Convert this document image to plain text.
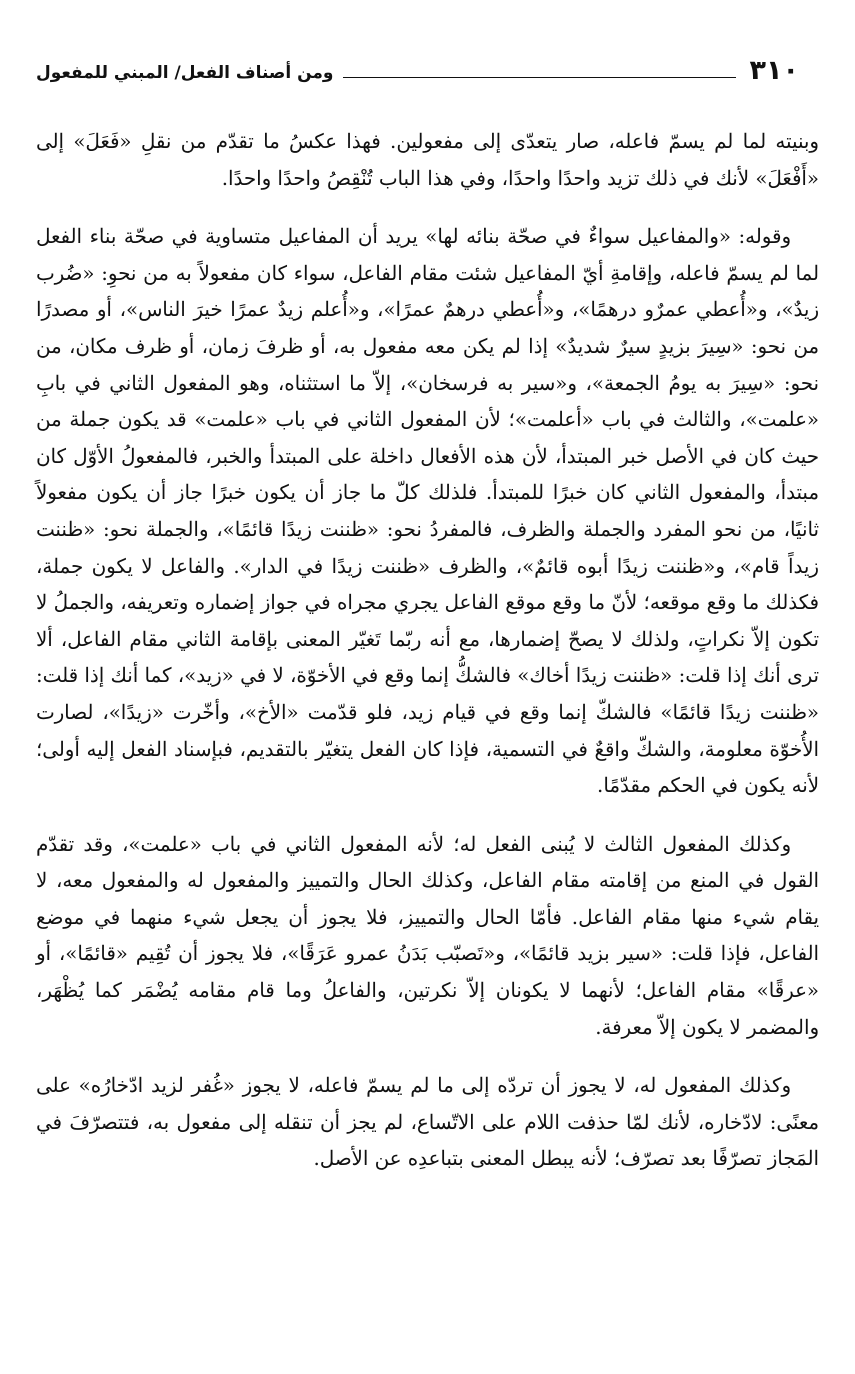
٣١٠
ومن أصناف الفعل/ المبني للمفعول

وبنيته لما لم يسمّ فاعله، صار يتعدّى إلى مفعولين. فهذا عكسُ ما تقدّم من نقلِ «فَعَلَ» إلى «أَفْعَلَ» لأنك في ذلك تزيد واحدًا واحدًا، وفي هذا الباب تُنْقِصُ واحدًا واحدًا.

وقوله: «والمفاعيل سواءٌ في صحّة بنائه لها» يريد أن المفاعيل متساوية في صحّة بناء الفعل لما لم يسمّ فاعله، وإقامةِ أيّ المفاعيل شئت مقام الفاعل، سواء كان مفعولاً به من نحوِ: «ضُرب زيدٌ»، و«أُعطي عمرٌو درهمًا»، و«أُعطي درهمٌ عمرًا»، و«أُعلم زيدٌ عمرًا خيرَ الناس»، أو مصدرًا من نحو: «سِيرَ بزيدٍ سيرٌ شديدٌ» إذا لم يكن معه مفعول به، أو ظرفَ زمان، أو ظرف مكان، من نحو: «سِيرَ به يومُ الجمعة»، و«سير به فرسخان»، إلاّ ما استثناه، وهو المفعول الثاني في بابِ «علمت»، والثالث في باب «أعلمت»؛ لأن المفعول الثاني في باب «علمت» قد يكون جملة من حيث كان في الأصل خبر المبتدأ، لأن هذه الأفعال داخلة على المبتدأ والخبر، فالمفعولُ الأوّل كان مبتدأ، والمفعول الثاني كان خبرًا للمبتدأ. فلذلك كلّ ما جاز أن يكون خبرًا جاز أن يكون مفعولاً ثانيًا، من نحو المفرد والجملة والظرف، فالمفردُ نحو: «ظننت زيدًا قائمًا»، والجملة نحو: «ظننت زيداً قام»، و«ظننت زيدًا أبوه قائمٌ»، والظرف «ظننت زيدًا في الدار». والفاعل لا يكون جملة، فكذلك ما وقع موقعه؛ لأنّ ما وقع موقع الفاعل يجري مجراه في جواز إضماره وتعريفه، والجملُ لا تكون إلاّ نكراتٍ، ولذلك لا يصحّ إضمارها، مع أنه ربّما تَغيّر المعنى بإقامة الثاني مقام الفاعل، ألا ترى أنك إذا قلت: «ظننت زيدًا أخاك» فالشكُّ إنما وقع في الأخوّة، لا في «زيد»، كما أنك إذا قلت: «ظننت زيدًا قائمًا» فالشكّ إنما وقع في قيام زيد، فلو قدّمت «الأخ»، وأخّرت «زيدًا»، لصارت الأُخوّة معلومة، والشكّ واقعٌ في التسمية، فإذا كان الفعل يتغيّر بالتقديم، فبإسناد الفعل إليه أولى؛ لأنه يكون في الحكم مقدّمًا.

وكذلك المفعول الثالث لا يُبنى الفعل له؛ لأنه المفعول الثاني في باب «علمت»، وقد تقدّم القول في المنع من إقامته مقام الفاعل، وكذلك الحال والتمييز والمفعول له والمفعول معه، لا يقام شيء منها مقام الفاعل. فأمّا الحال والتمييز، فلا يجوز أن يجعل شيء منهما في موضع الفاعل، فإذا قلت: «سير بزيد قائمًا»، و«تَصبّب بَدَنُ عمرو عَرَقًا»، فلا يجوز أن تُقِيم «قائمًا»، أو «عرقًا» مقام الفاعل؛ لأنهما لا يكونان إلاّ نكرتين، والفاعلُ وما قام مقامه يُضْمَر كما يُظْهَر، والمضمر لا يكون إلاّ معرفة.

وكذلك المفعول له، لا يجوز أن تردّه إلى ما لم يسمّ فاعله، لا يجوز «غُفر لزيد ادّخارُه» على معنًى: لادّخاره، لأنك لمّا حذفت اللام على الاتّساع، لم يجز أن تنقله إلى مفعول به، فتتصرّفَ في المَجاز تصرّفًا بعد تصرّف؛ لأنه يبطل المعنى بتباعدِه عن الأصل.
